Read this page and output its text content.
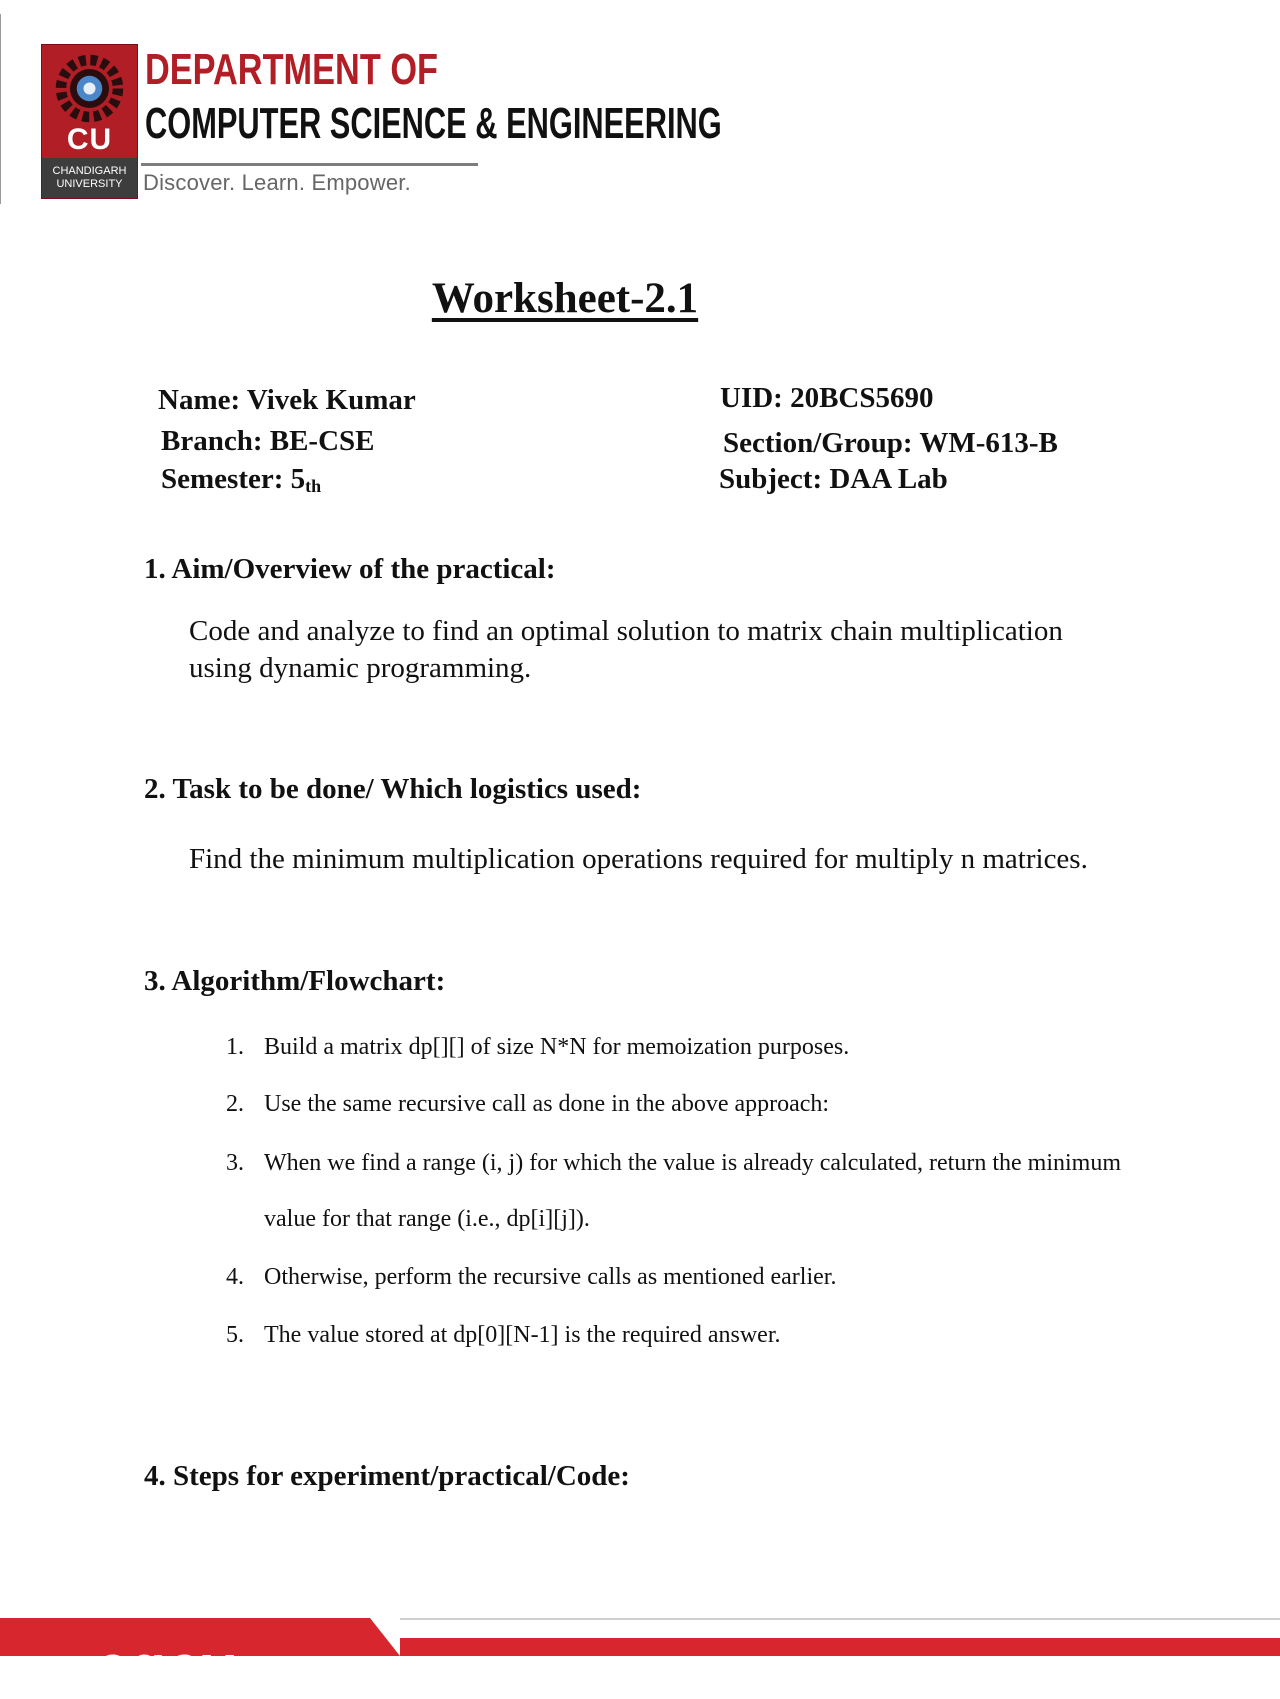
CU
CHANDIGARH UNIVERSITY
DEPARTMENT OF
COMPUTER SCIENCE & ENGINEERING
Discover. Learn. Empower.
Worksheet-2.1
Name: Vivek Kumar	UID: 20BCS5690
Branch: BE-CSE	Section/Group: WM-613-B
Semester: 5th	Subject: DAA Lab
1. Aim/Overview of the practical:
Code and analyze to find an optimal solution to matrix chain multiplication
using dynamic programming.
2. Task to be done/ Which logistics used:
Find the minimum multiplication operations required for multiply n matrices.
3. Algorithm/Flowchart:
1. Build a matrix dp[][] of size N*N for memoization purposes.
2. Use the same recursive call as done in the above approach:
3. When we find a range (i, j) for which the value is already calculated, return the minimum
value for that range (i.e., dp[i][j]).
4. Otherwise, perform the recursive calls as mentioned earlier.
5. The value stored at dp[0][N-1] is the required answer.
4. Steps for experiment/practical/Code:
cgcv
